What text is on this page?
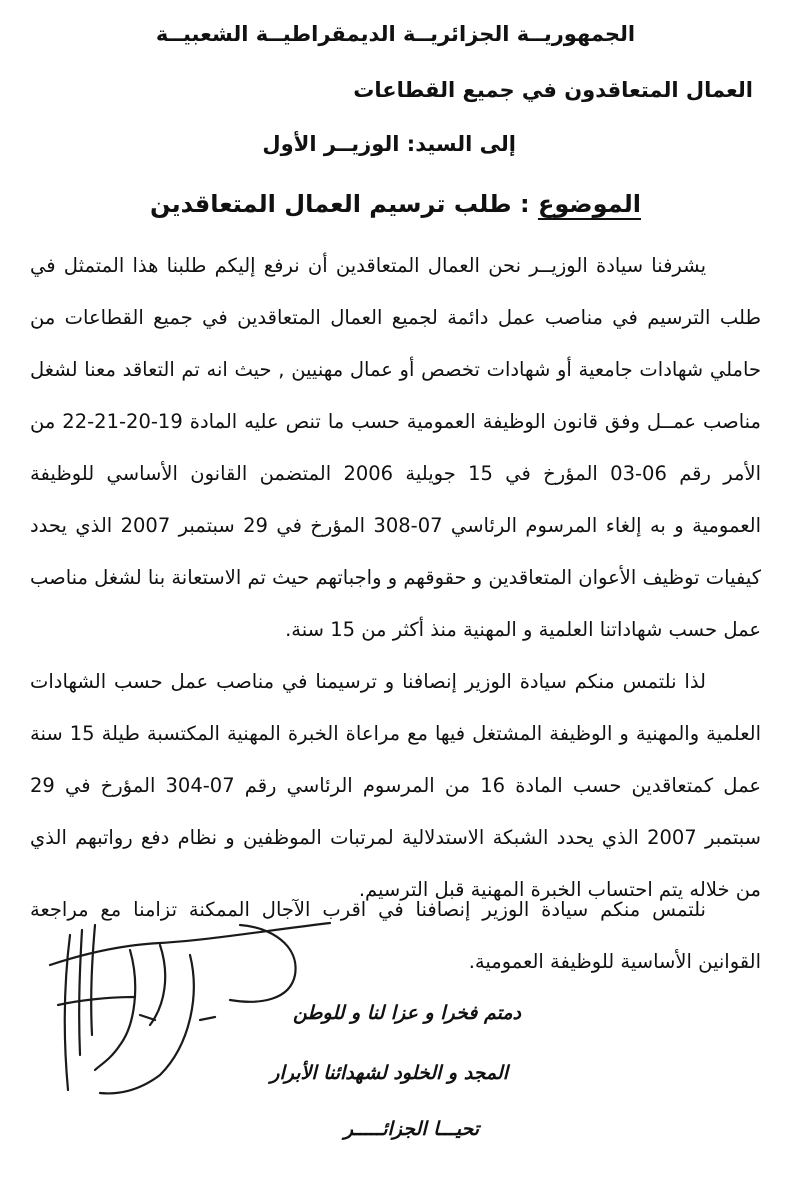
الجمهوريــة الجزائريــة الديمقراطيــة الشعبيــة
العمال المتعاقدون في جميع القطاعات
إلى السيد: الوزيــر الأول
الموضوع : طلب ترسيم العمال المتعاقدين

يشرفنا سيادة الوزيــر نحن العمال المتعاقدين أن نرفع إليكم طلبنا هذا المتمثل في طلب الترسيم في مناصب عمل دائمة لجميع العمال المتعاقدين في جميع القطاعات من حاملي شهادات جامعية أو شهادات تخصص أو عمال مهنيين , حيث انه تم التعاقد معنا لشغل مناصب عمــل وفق قانون الوظيفة العمومية حسب ما تنص عليه المادة 19-20-21-22 من الأمر رقم 06-03 المؤرخ في 15 جويلية 2006 المتضمن القانون الأساسي للوظيفة العمومية و به إلغاء المرسوم الرئاسي 07-308 المؤرخ في 29 سبتمبر 2007 الذي يحدد كيفيات توظيف الأعوان المتعاقدين و حقوقهم و واجباتهم حيث تم الاستعانة بنا لشغل مناصب عمل حسب شهاداتنا العلمية و المهنية منذ أكثر من 15 سنة.

لذا نلتمس منكم سيادة الوزير إنصافنا و ترسيمنا في مناصب عمل حسب الشهادات العلمية والمهنية و الوظيفة المشتغل فيها مع مراعاة الخبرة المهنية المكتسبة طيلة 15 سنة عمل كمتعاقدين حسب المادة 16 من المرسوم الرئاسي رقم 07-304 المؤرخ في 29 سبتمبر 2007 الذي يحدد الشبكة الاستدلالية لمرتبات الموظفين و نظام دفع رواتبهم الذي من خلاله يتم احتساب الخبرة المهنية قبل الترسيم.

نلتمس منكم سيادة الوزير إنصافنا في اقرب الآجال الممكنة تزامنا مع مراجعة القوانين الأساسية للوظيفة العمومية.

دمتم فخرا و عزا لنا و للوطن
المجد و الخلود لشهدائنا الأبرار
تحيـــا الجزائـــــر
